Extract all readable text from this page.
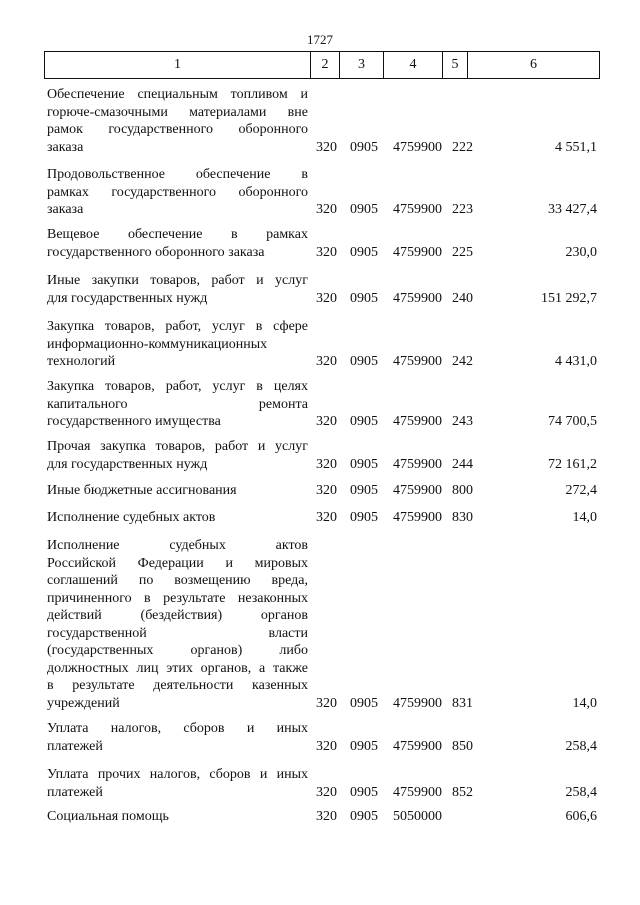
1727
1	2	3	4	5	6
Обеспечение специальным топливом и
горюче-смазочными материалами вне
рамок государственного оборонного
заказа	320 0905	4759900 222	4 551,1
Продовольственное обеспечение в
рамках государственного оборонного
заказа	320 0905	4759900 223	33 427,4
Вещевое обеспечение в рамках
государственного оборонного заказа	320 0905	4759900 225	230,0
Иные закупки товаров, работ и услуг
для государственных нужд	320 0905	4759900 240	151 292,7
Закупка товаров, работ, услуг в сфере
информационно-коммуникационных
технологий	320 0905	4759900 242	4 431,0
Закупка товаров, работ, услуг в целях
капитального ремонта
государственного имущества	320 0905	4759900 243	74 700,5
Прочая закупка товаров, работ и услуг
для государственных нужд	320 0905	4759900 244	72 161,2
Иные бюджетные ассигнования	320 0905	4759900 800	272,4
Исполнение судебных актов	320 0905	4759900 830	14,0
Исполнение судебных актов
Российской Федерации и мировых
соглашений по возмещению вреда,
причиненного в результате незаконных
действий (бездействия) органов
государственной власти
(государственных органов) либо
должностных лиц этих органов, а также
в результате деятельности казенных
учреждений	320 0905	4759900 831	14,0
Уплата налогов, сборов и иных
платежей	320 0905	4759900 850	258,4
Уплата прочих налогов, сборов и иных
платежей	320 0905	4759900 852	258,4
Социальная помощь	320 0905	5050000	606,6
